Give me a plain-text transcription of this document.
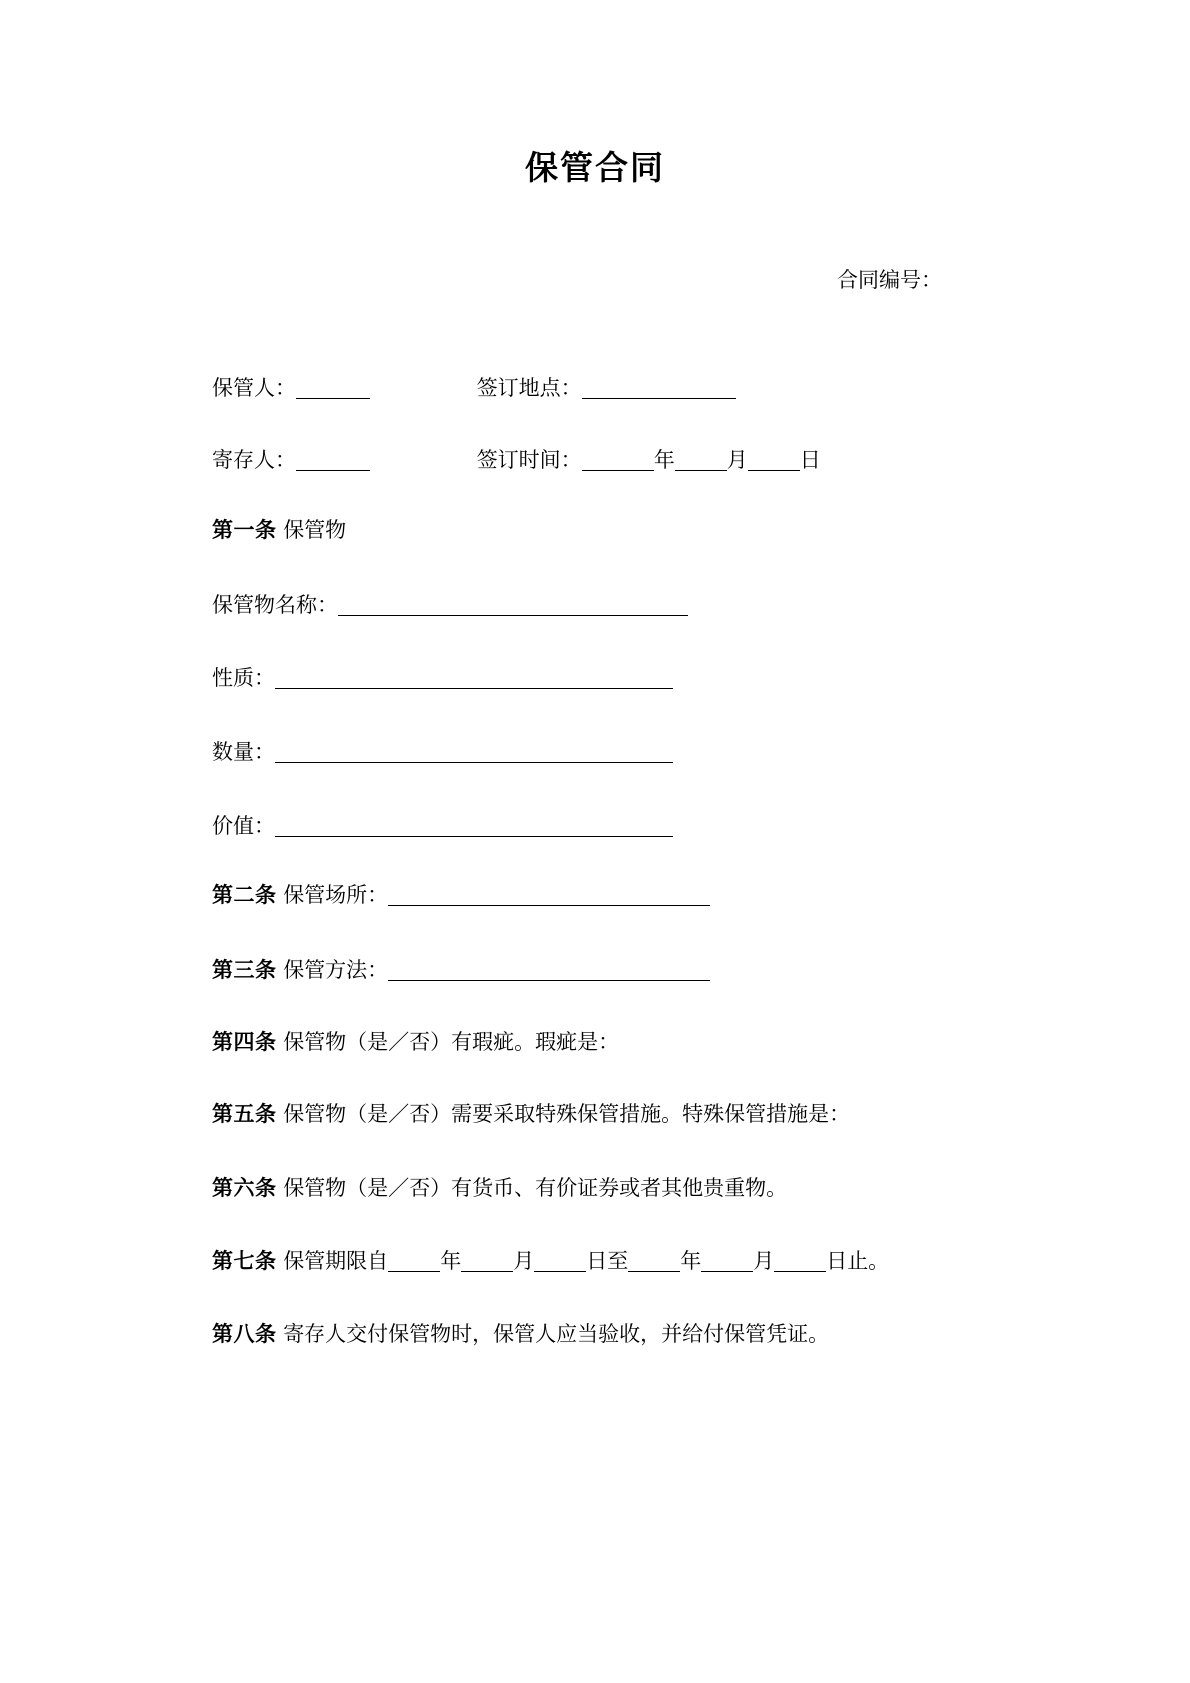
保管合同
合同编号：
保管人：	签订地点：
寄存人：	签订时间：	年 月 日
第一条 保管物
保管物名称：
性质：
数量：
价值：
第二条 保管场所：
第三条 保管方法：
第四条 保管物（是／否）有瑕疵。瑕疵是：
第五条 保管物（是／否）需要采取特殊保管措施。特殊保管措施是：
第六条 保管物（是／否）有货币、有价证券或者其他贵重物。
第七条 保管期限自 年 月 日至 年 月 日止。
第八条 寄存人交付保管物时，保管人应当验收，并给付保管凭证。
